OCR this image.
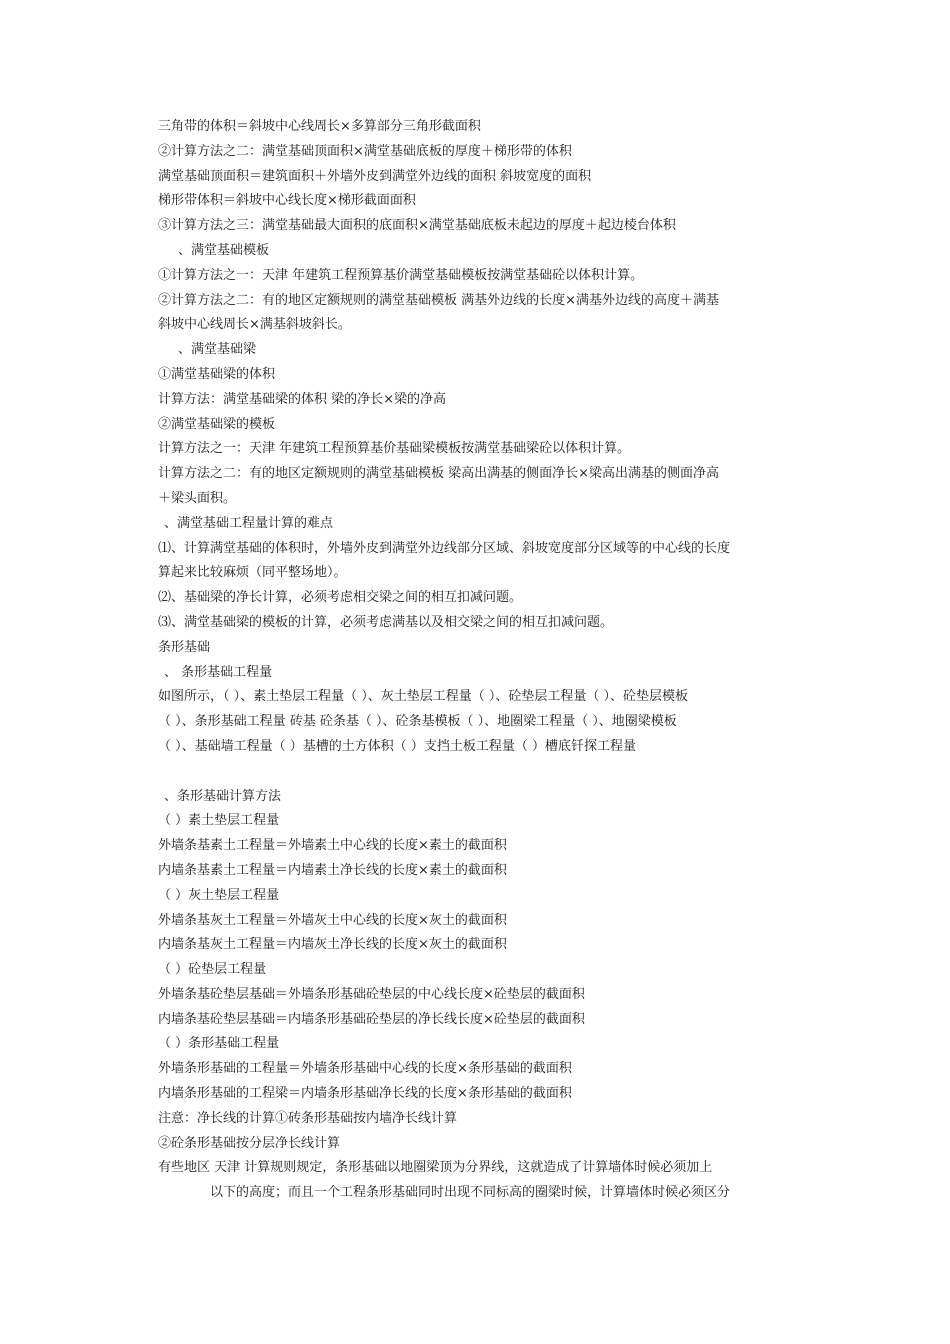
三角带的体积＝斜坡中心线周长×多算部分三角形截面积
②计算方法之二：满堂基础顶面积×满堂基础底板的厚度＋梯形带的体积
满堂基础顶面积＝建筑面积＋外墙外皮到满堂外边线的面积 斜坡宽度的面积
梯形带体积＝斜坡中心线长度×梯形截面面积
③计算方法之三：满堂基础最大面积的底面积×满堂基础底板未起边的厚度＋起边棱台体积
、满堂基础模板
①计算方法之一：天津 年建筑工程预算基价满堂基础模板按满堂基础砼以体积计算。
②计算方法之二：有的地区定额规则的满堂基础模板 满基外边线的长度×满基外边线的高度＋满基
斜坡中心线周长×满基斜坡斜长。
、满堂基础梁
①满堂基础梁的体积
计算方法：满堂基础梁的体积 梁的净长×梁的净高
②满堂基础梁的模板
计算方法之一：天津 年建筑工程预算基价基础梁模板按满堂基础梁砼以体积计算。
计算方法之二：有的地区定额规则的满堂基础模板 梁高出满基的侧面净长×梁高出满基的侧面净高
＋梁头面积。
、满堂基础工程量计算的难点
⑴、计算满堂基础的体积时，外墙外皮到满堂外边线部分区域、斜坡宽度部分区域等的中心线的长度
算起来比较麻烦（同平整场地）。
⑵、基础梁的净长计算，必须考虑相交梁之间的相互扣减问题。
⑶、满堂基础梁的模板的计算，必须考虑满基以及相交梁之间的相互扣减问题。
条形基础
、 条形基础工程量
如图所示，（ ）、素土垫层工程量（ ）、灰土垫层工程量（ ）、砼垫层工程量（ ）、砼垫层模板
（ ）、条形基础工程量 砖基 砼条基（ ）、砼条基模板（ ）、地圈梁工程量（ ）、地圈梁模板
（ ）、基础墙工程量（ ）基槽的土方体积（ ）支挡土板工程量（ ）槽底钎探工程量
、条形基础计算方法
（ ）素土垫层工程量
外墙条基素土工程量＝外墙素土中心线的长度×素土的截面积
内墙条基素土工程量＝内墙素土净长线的长度×素土的截面积
（ ）灰土垫层工程量
外墙条基灰土工程量＝外墙灰土中心线的长度×灰土的截面积
内墙条基灰土工程量＝内墙灰土净长线的长度×灰土的截面积
（ ）砼垫层工程量
外墙条基砼垫层基础＝外墙条形基础砼垫层的中心线长度×砼垫层的截面积
内墙条基砼垫层基础＝内墙条形基础砼垫层的净长线长度×砼垫层的截面积
（ ）条形基础工程量
外墙条形基础的工程量＝外墙条形基础中心线的长度×条形基础的截面积
内墙条形基础的工程梁＝内墙条形基础净长线的长度×条形基础的截面积
注意：净长线的计算①砖条形基础按内墙净长线计算
②砼条形基础按分层净长线计算
有些地区 天津 计算规则规定，条形基础以地圈梁顶为分界线，这就造成了计算墙体时候必须加上
以下的高度；而且一个工程条形基础同时出现不同标高的圈梁时候，计算墙体时候必须区分
